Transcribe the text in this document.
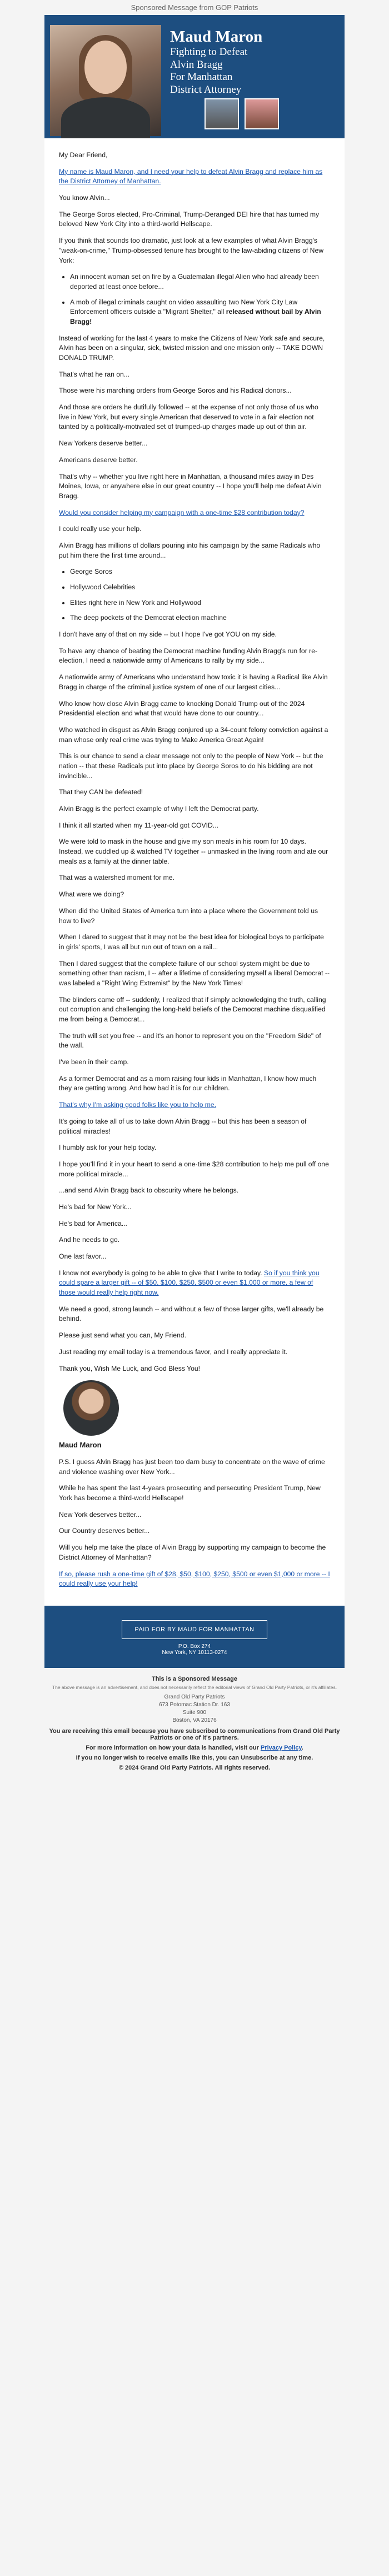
Sponsored Message from GOP Patriots
Maud Maron
Fighting to Defeat
Alvin Bragg
For Manhattan
District Attorney

My Dear Friend,

My name is Maud Maron, and I need your help to defeat Alvin Bragg and replace him as the District Attorney of Manhattan.

You know Alvin...

The George Soros elected, Pro-Criminal, Trump-Deranged DEI hire that has turned my beloved New York City into a third-world Hellscape.

If you think that sounds too dramatic, just look at a few examples of what Alvin Bragg's "weak-on-crime," Trump-obsessed tenure has brought to the law-abiding citizens of New York:

• An innocent woman set on fire by a Guatemalan illegal Alien who had already been deported at least once before...
• A mob of illegal criminals caught on video assaulting two New York City Law Enforcement officers outside a "Migrant Shelter," all released without bail by Alvin Bragg!

Instead of working for the last 4 years to make the Citizens of New York safe and secure, Alvin has been on a singular, sick, twisted mission and one mission only -- TAKE DOWN DONALD TRUMP.

That's what he ran on...

Those were his marching orders from George Soros and his Radical donors...

And those are orders he dutifully followed -- at the expense of not only those of us who live in New York, but every single American that deserved to vote in a fair election not tainted by a politically-motivated set of trumped-up charges made up out of thin air.

New Yorkers deserve better...

Americans deserve better.

That's why -- whether you live right here in Manhattan, a thousand miles away in Des Moines, Iowa, or anywhere else in our great country -- I hope you'll help me defeat Alvin Bragg.

Would you consider helping my campaign with a one-time $28 contribution today?

I could really use your help.

Alvin Bragg has millions of dollars pouring into his campaign by the same Radicals who put him there the first time around...

• George Soros
• Hollywood Celebrities
• Elites right here in New York and Hollywood
• The deep pockets of the Democrat election machine

I don't have any of that on my side -- but I hope I've got YOU on my side.

To have any chance of beating the Democrat machine funding Alvin Bragg's run for re-election, I need a nationwide army of Americans to rally by my side...

A nationwide army of Americans who understand how toxic it is having a Radical like Alvin Bragg in charge of the criminal justice system of one of our largest cities...

Who know how close Alvin Bragg came to knocking Donald Trump out of the 2024 Presidential election and what that would have done to our country...

Who watched in disgust as Alvin Bragg conjured up a 34-count felony conviction against a man whose only real crime was trying to Make America Great Again!

This is our chance to send a clear message not only to the people of New York -- but the nation -- that these Radicals put into place by George Soros to do his bidding are not invincible...

That they CAN be defeated!

Alvin Bragg is the perfect example of why I left the Democrat party.

I think it all started when my 11-year-old got COVID...

We were told to mask in the house and give my son meals in his room for 10 days. Instead, we cuddled up & watched TV together -- unmasked in the living room and ate our meals as a family at the dinner table.

That was a watershed moment for me.

What were we doing?

When did the United States of America turn into a place where the Government told us how to live?

When I dared to suggest that it may not be the best idea for biological boys to participate in girls' sports, I was all but run out of town on a rail...

Then I dared suggest that the complete failure of our school system might be due to something other than racism, I -- after a lifetime of considering myself a liberal Democrat -- was labeled a "Right Wing Extremist" by the New York Times!

The blinders came off -- suddenly, I realized that if simply acknowledging the truth, calling out corruption and challenging the long-held beliefs of the Democrat machine disqualified me from being a Democrat...

The truth will set you free -- and it's an honor to represent you on the "Freedom Side" of the wall.

I've been in their camp.

As a former Democrat and as a mom raising four kids in Manhattan, I know how much they are getting wrong. And how bad it is for our children.

That's why I'm asking good folks like you to help me.

It's going to take all of us to take down Alvin Bragg -- but this has been a season of political miracles!

I humbly ask for your help today.

I hope you'll find it in your heart to send a one-time $28 contribution to help me pull off one more political miracle...

...and send Alvin Bragg back to obscurity where he belongs.

He's bad for New York...

He's bad for America...

And he needs to go.

One last favor...

I know not everybody is going to be able to give that I write to today. So if you think you could spare a larger gift -- of $50, $100, $250, $500 or even $1,000 or more, a few of those would really help right now.

We need a good, strong launch -- and without a few of those larger gifts, we'll already be behind.

Please just send what you can, My Friend.

Just reading my email today is a tremendous favor, and I really appreciate it.

Thank you, Wish Me Luck, and God Bless You!

Maud Maron

P.S. I guess Alvin Bragg has just been too darn busy to concentrate on the wave of crime and violence washing over New York...

While he has spent the last 4-years prosecuting and persecuting President Trump, New York has become a third-world Hellscape!

New York deserves better...

Our Country deserves better...

Will you help me take the place of Alvin Bragg by supporting my campaign to become the District Attorney of Manhattan?

If so, please rush a one-time gift of $28, $50, $100, $250, $500 or even $1,000 or more -- I could really use your help!

PAID FOR BY MAUD FOR MANHATTAN
P.O. Box 274
New York, NY 10113-0274
This is a Sponsored Message
The above message is an advertisement, and does not necessarily reflect the editorial views of Grand Old Party Patriots, or it's affiliates.
Grand Old Party Patriots
673 Potomac Station Dr. 163
Suite 900
Boston, VA 20176
You are receiving this email because you have subscribed to communications from Grand Old Party Patriots or one of it's partners.
For more information on how your data is handled, visit our Privacy Policy.
If you no longer wish to receive emails like this, you can Unsubscribe at any time.
© 2024 Grand Old Party Patriots. All rights reserved.
